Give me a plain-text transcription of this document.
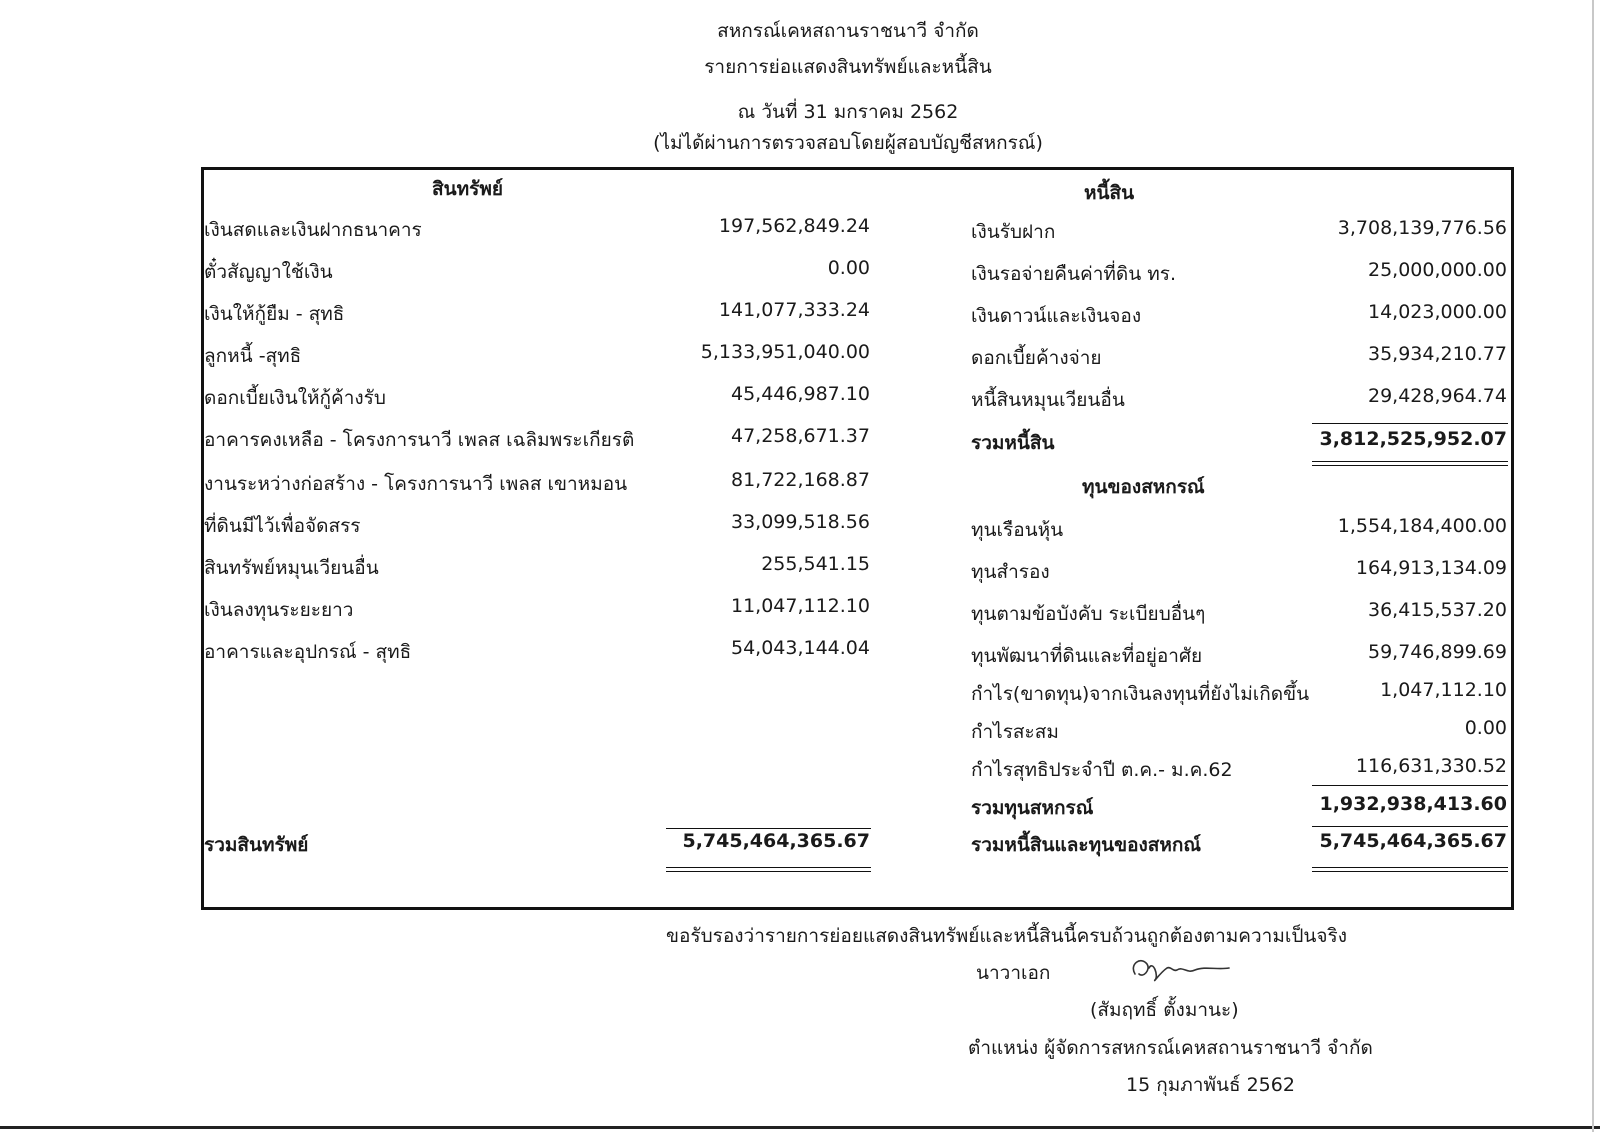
สหกรณ์เคหสถานราชนาวี จำกัด
รายการย่อแสดงสินทรัพย์และหนี้สิน
ณ วันที่ 31 มกราคม 2562
(ไม่ได้ผ่านการตรวจสอบโดยผู้สอบบัญชีสหกรณ์)
สินทรัพย์
เงินสดและเงินฝากธนาคาร	197,562,849.24
ตั๋วสัญญาใช้เงิน	0.00
เงินให้กู้ยืม - สุทธิ	141,077,333.24
ลูกหนี้ -สุทธิ	5,133,951,040.00
ดอกเบี้ยเงินให้กู้ค้างรับ	45,446,987.10
อาคารคงเหลือ - โครงการนาวี เพลส เฉลิมพระเกียรติ	47,258,671.37
งานระหว่างก่อสร้าง - โครงการนาวี เพลส เขาหมอน	81,722,168.87
ที่ดินมีไว้เพื่อจัดสรร	33,099,518.56
สินทรัพย์หมุนเวียนอื่น	255,541.15
เงินลงทุนระยะยาว	11,047,112.10
อาคารและอุปกรณ์ - สุทธิ	54,043,144.04
รวมสินทรัพย์	5,745,464,365.67
หนี้สิน
เงินรับฝาก	3,708,139,776.56
เงินรอจ่ายคืนค่าที่ดิน ทร.	25,000,000.00
เงินดาวน์และเงินจอง	14,023,000.00
ดอกเบี้ยค้างจ่าย	35,934,210.77
หนี้สินหมุนเวียนอื่น	29,428,964.74
รวมหนี้สิน	3,812,525,952.07
ทุนของสหกรณ์
ทุนเรือนหุ้น	1,554,184,400.00
ทุนสำรอง	164,913,134.09
ทุนตามข้อบังคับ ระเบียบอื่นๆ	36,415,537.20
ทุนพัฒนาที่ดินและที่อยู่อาศัย	59,746,899.69
กำไร(ขาดทุน)จากเงินลงทุนที่ยังไม่เกิดขึ้น	1,047,112.10
กำไรสะสม	0.00
กำไรสุทธิประจำปี ต.ค.- ม.ค.62	116,631,330.52
รวมทุนสหกรณ์	1,932,938,413.60
รวมหนี้สินและทุนของสหกณ์	5,745,464,365.67
ขอรับรองว่ารายการย่อยแสดงสินทรัพย์และหนี้สินนี้ครบถ้วนถูกต้องตามความเป็นจริง
นาวาเอก
(สัมฤทธิ์ ตั้งมานะ)
ตำแหน่ง ผู้จัดการสหกรณ์เคหสถานราชนาวี จำกัด
15 กุมภาพันธ์ 2562
